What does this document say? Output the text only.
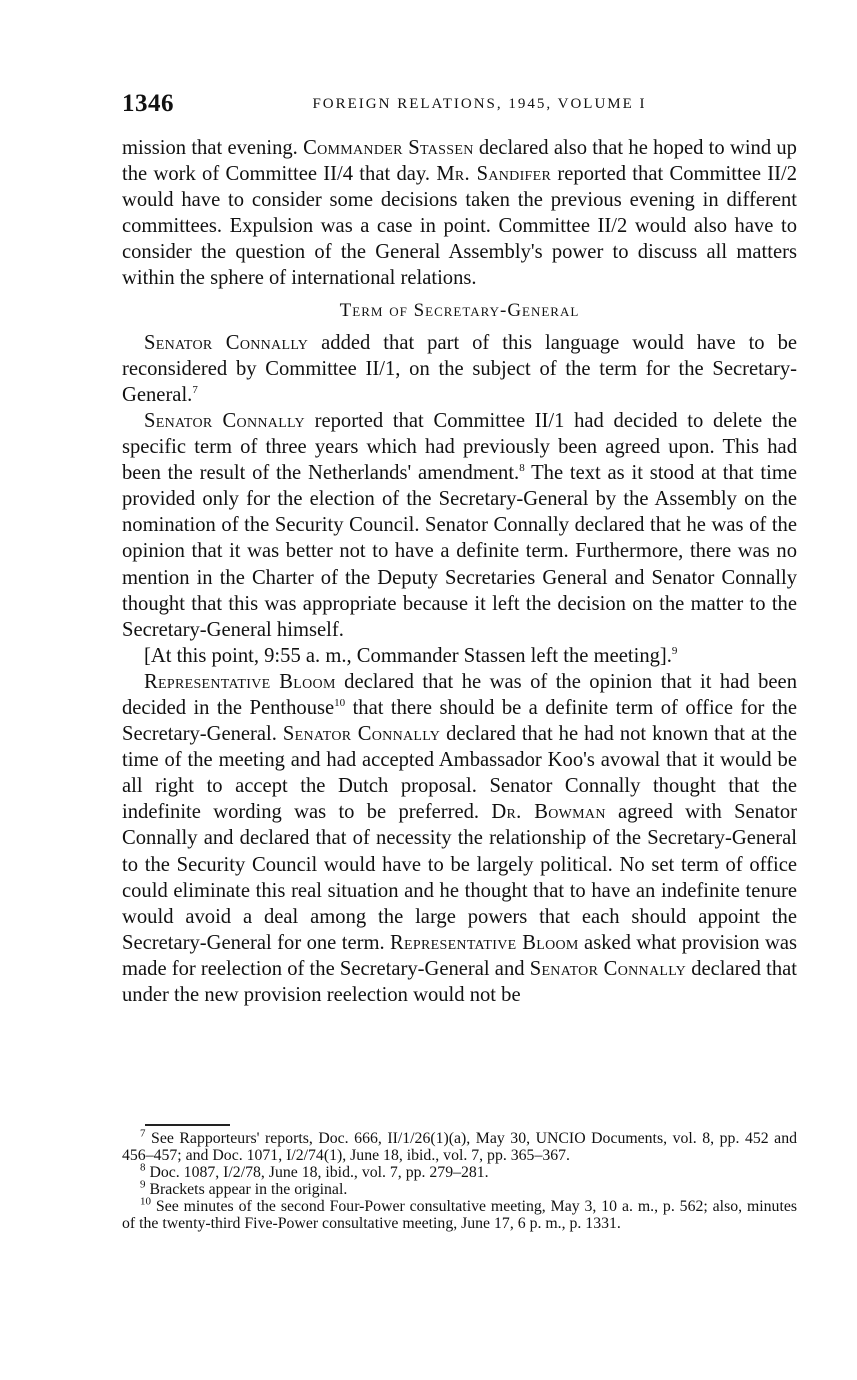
1346	FOREIGN RELATIONS, 1945, VOLUME I

mission that evening. Commander Stassen declared also that he hoped to wind up the work of Committee II/4 that day. Mr. Sandifer reported that Committee II/2 would have to consider some decisions taken the previous evening in different committees. Expulsion was a case in point. Committee II/2 would also have to consider the question of the General Assembly's power to discuss all matters within the sphere of international relations.

Term of Secretary-General

Senator Connally added that part of this language would have to be reconsidered by Committee II/1, on the subject of the term for the Secretary-General.$^7$

Senator Connally reported that Committee II/1 had decided to delete the specific term of three years which had previously been agreed upon. This had been the result of the Netherlands' amendment.$^8$ The text as it stood at that time provided only for the election of the Secretary-General by the Assembly on the nomination of the Security Council. Senator Connally declared that he was of the opinion that it was better not to have a definite term. Furthermore, there was no mention in the Charter of the Deputy Secretaries General and Senator Connally thought that this was appropriate because it left the decision on the matter to the Secretary-General himself.

[At this point, 9:55 a. m., Commander Stassen left the meeting].$^9$

Representative Bloom declared that he was of the opinion that it had been decided in the Penthouse$^{10}$ that there should be a definite term of office for the Secretary-General. Senator Connally declared that he had not known that at the time of the meeting and had accepted Ambassador Koo's avowal that it would be all right to accept the Dutch proposal. Senator Connally thought that the indefinite wording was to be preferred. Dr. Bowman agreed with Senator Connally and declared that of necessity the relationship of the Secretary-General to the Security Council would have to be largely political. No set term of office could eliminate this real situation and he thought that to have an indefinite tenure would avoid a deal among the large powers that each should appoint the Secretary-General for one term. Representative Bloom asked what provision was made for reelection of the Secretary-General and Senator Connally declared that under the new provision reelection would not be

$^7$ See Rapporteurs' reports, Doc. 666, II/1/26(1)(a), May 30, UNCIO Documents, vol. 8, pp. 452 and 456–457; and Doc. 1071, I/2/74(1), June 18, ibid., vol. 7, pp. 365–367.

$^8$ Doc. 1087, I/2/78, June 18, ibid., vol. 7, pp. 279–281.

$^9$ Brackets appear in the original.

$^{10}$ See minutes of the second Four-Power consultative meeting, May 3, 10 a. m., p. 562; also, minutes of the twenty-third Five-Power consultative meeting, June 17, 6 p. m., p. 1331.
